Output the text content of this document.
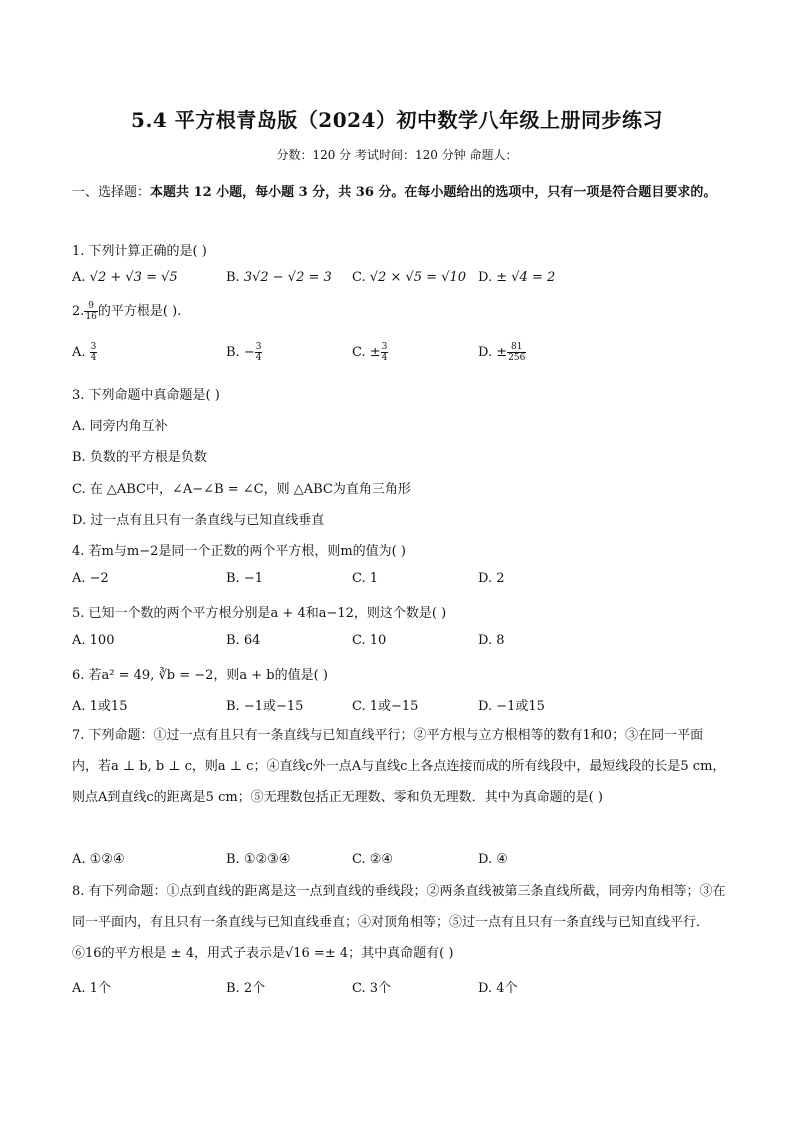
5.4 平方根青岛版（2024）初中数学八年级上册同步练习
分数：120 分 考试时间：120 分钟 命题人：
一、选择题：本题共 12 小题，每小题 3 分，共 36 分。在每小题给出的选项中，只有一项是符合题目要求的。
1. 下列计算正确的是( )
A. √2 + √3 = √5	B. 3√2 − √2 = 3 C. √2 × √5 = √10 D. ± √4 = 2
2. $\frac{9}{16}$ 的平方根是( ).
A. $\frac{3}{4}$	B. − $\frac{3}{4}$	C. ± $\frac{3}{4}$	D. ± $\frac{81}{256}$
3. 下列命题中真命题是( )
A. 同旁内角互补
B. 负数的平方根是负数
C. 在 △ABC中，∠A−∠B = ∠C，则 △ABC为直角三角形
D. 过一点有且只有一条直线与已知直线垂直
4. 若m与m−2是同一个正数的两个平方根，则m的值为( )
A. −2	B. −1	C. 1	D. 2
5. 已知一个数的两个平方根分别是a + 4和a−12，则这个数是( )
A. 100	B. 64	C. 10	D. 8
6. 若a² = 49, ∛b = −2，则a + b的值是( )
A. 1或15	B. −1或−15	C. 1或−15	D. −1或15
7. 下列命题：①过一点有且只有一条直线与已知直线平行；②平方根与立方根相等的数有1和0；③在同一平面内，若a ⊥ b, b ⊥ c，则a ⊥ c；④直线c外一点A与直线c上各点连接而成的所有线段中，最短线段的长是5 cm，则点A到直线c的距离是5 cm；⑤无理数包括正无理数、零和负无理数．其中为真命题的是( )
A. ①②④	B. ①②③④	C. ②④	D. ④
8. 有下列命题：①点到直线的距离是这一点到直线的垂线段；②两条直线被第三条直线所截，同旁内角相等；③在同一平面内，有且只有一条直线与已知直线垂直；④对顶角相等；⑤过一点有且只有一条直线与已知直线平行．⑥16的平方根是 ± 4，用式子表示是√16 =± 4；其中真命题有( )
A. 1个	B. 2个	C. 3个	D. 4个
